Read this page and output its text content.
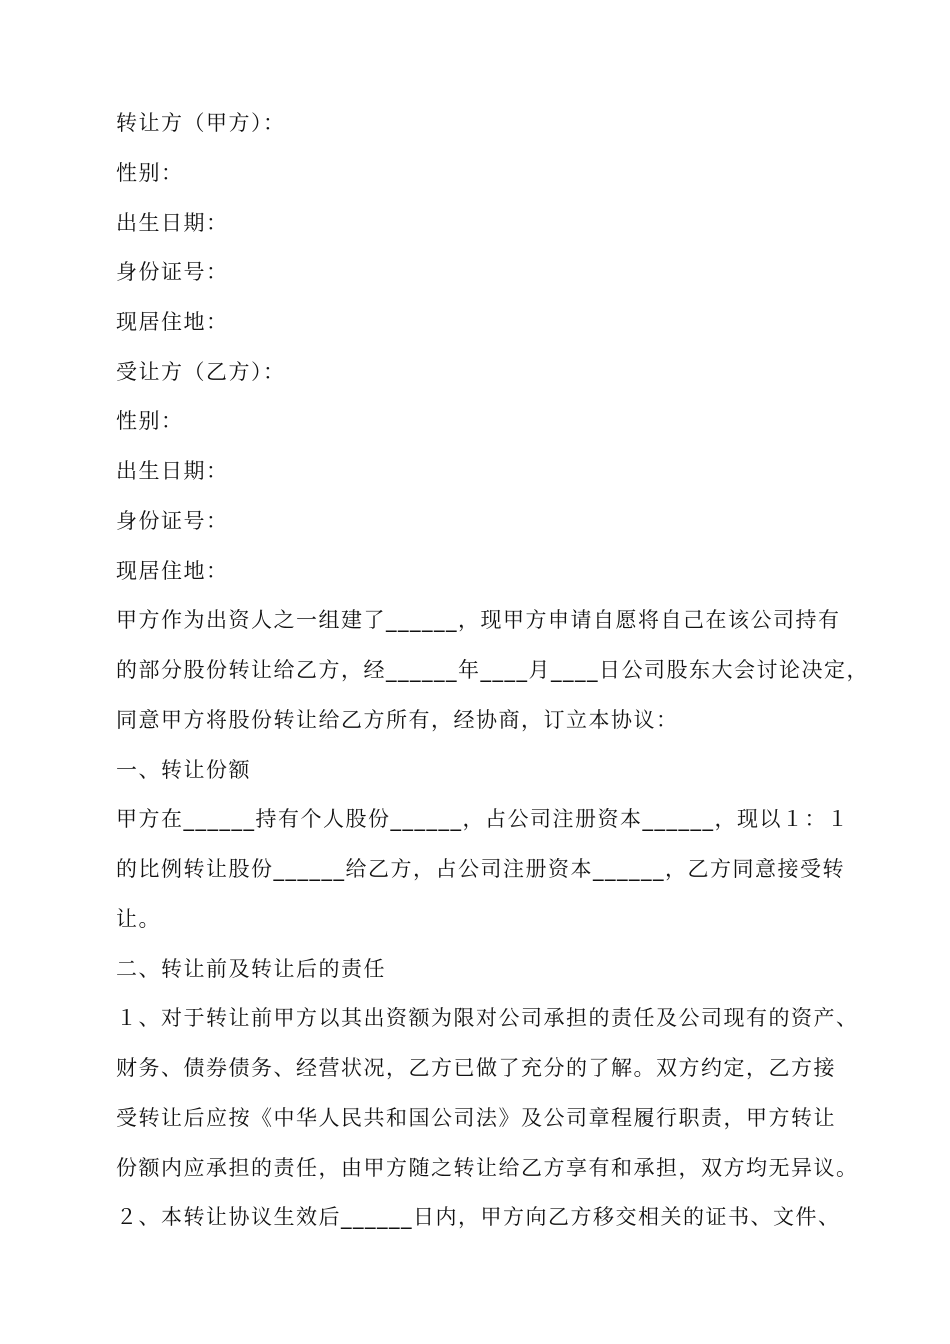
转让方（甲方）：
性别：
出生日期：
身份证号：
现居住地：
受让方（乙方）：
性别：
出生日期：
身份证号：
现居住地：
甲方作为出资人之一组建了______，现甲方申请自愿将自己在该公司持有
的部分股份转让给乙方，经______年____月____日公司股东大会讨论决定，
同意甲方将股份转让给乙方所有，经协商，订立本协议：
一、转让份额
甲方在______持有个人股份______，占公司注册资本______，现以１：１
的比例转让股份______给乙方，占公司注册资本______，乙方同意接受转
让。
二、转让前及转让后的责任
１、对于转让前甲方以其出资额为限对公司承担的责任及公司现有的资产、
财务、债券债务、经营状况，乙方已做了充分的了解。双方约定，乙方接
受转让后应按《中华人民共和国公司法》及公司章程履行职责，甲方转让
份额内应承担的责任，由甲方随之转让给乙方享有和承担，双方均无异议。
２、本转让协议生效后______日内，甲方向乙方移交相关的证书、文件、
